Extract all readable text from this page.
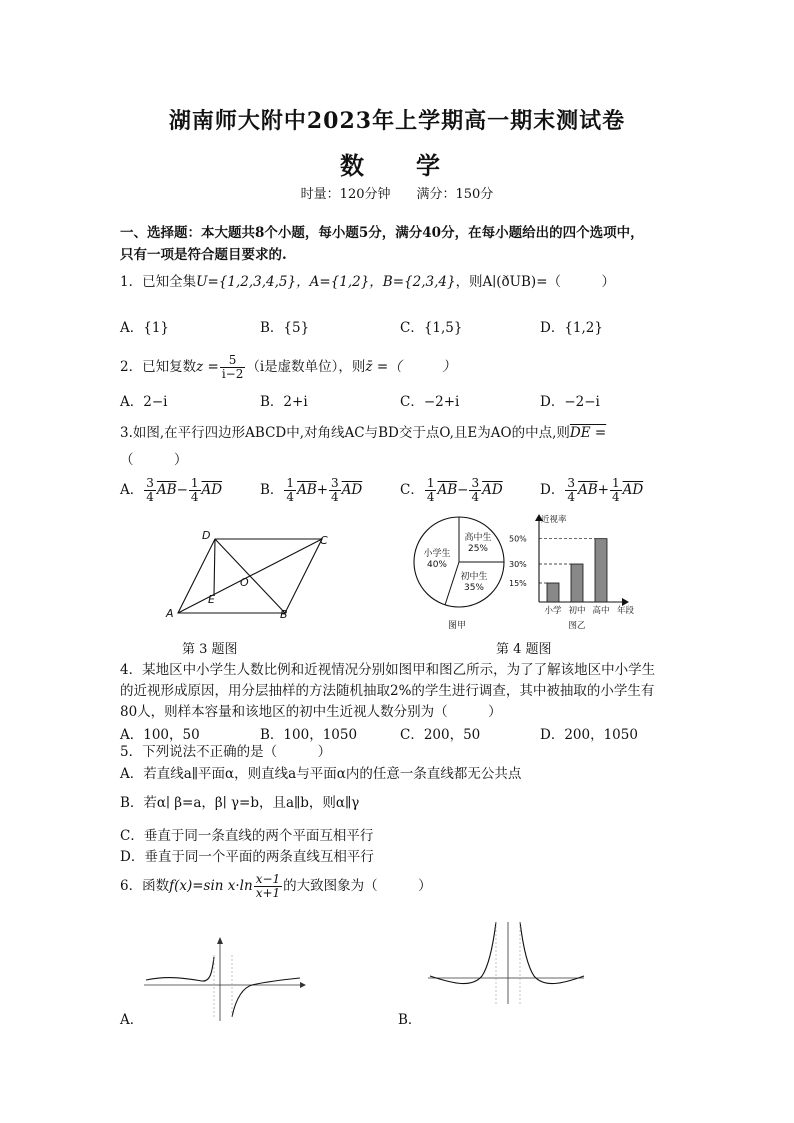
湖南师大附中2023年上学期高一期末测试卷
数　学
时量：120分钟　　满分：150分
一、选择题：本大题共8个小题，每小题5分，满分40分，在每小题给出的四个选项中，
只有一项是符合题目要求的.
1．已知全集U={1,2,3,4,5}，A={1,2}，B={2,3,4}，则A∣(ðUB)=（　　　）
A．{1}	B．{5}	C．{1,5}	D．{1,2}
2．已知复数$z = \frac{5}{i-2} (i$是虚数单位），则z̄ =（　　　）
A．2−i	B．2+i	C．−2+i	D．−2−i
3.如图,在平行四边形ABCD中,对角线AC与BD交于点O,且E为AO的中点,则DE =
（　　　）
A． $\frac{3}{4} \overline{AB}- \frac{1}{4} \overline{AD}$	B． $\frac{1}{4} \overline{AB}+ \frac{3}{4} \overline{AD}$	C． $\frac{1}{4} \overline{AB}- \frac{3}{4} \overline{AD}$	D． $\frac{3}{4} \overline{AB}+ \frac{1}{4} \overline{AD}$
A	B
C
D
O
E
第 3 题图
小学生
40%
高中生
25%
初中生
35%
图甲
小学 初中 高中
50%
30%
15%
近视率
年段
图乙
第 4 题图
4．某地区中小学生人数比例和近视情况分别如图甲和图乙所示，为了了解该地区中小学生
的近视形成原因，用分层抽样的方法随机抽取2%的学生进行调查，其中被抽取的小学生有
80人，则样本容量和该地区的初中生近视人数分别为（　　　）
A．100，50	B．100，1050	C．200，50	D．200，1050
5．下列说法不正确的是（　　　）
A．若直线a∥平面α，则直线a与平面α内的任意一条直线都无公共点
B．若α∣ β=a，β∣ γ=b，且a∥b，则α∥γ
C．垂直于同一条直线的两个平面互相平行
D．垂直于同一个平面的两条直线互相平行
6．函数f(x)=sin $x\cdot\ln \frac{x-1}{x+1}$ 的大致图象为（　　　）
A．	B．
